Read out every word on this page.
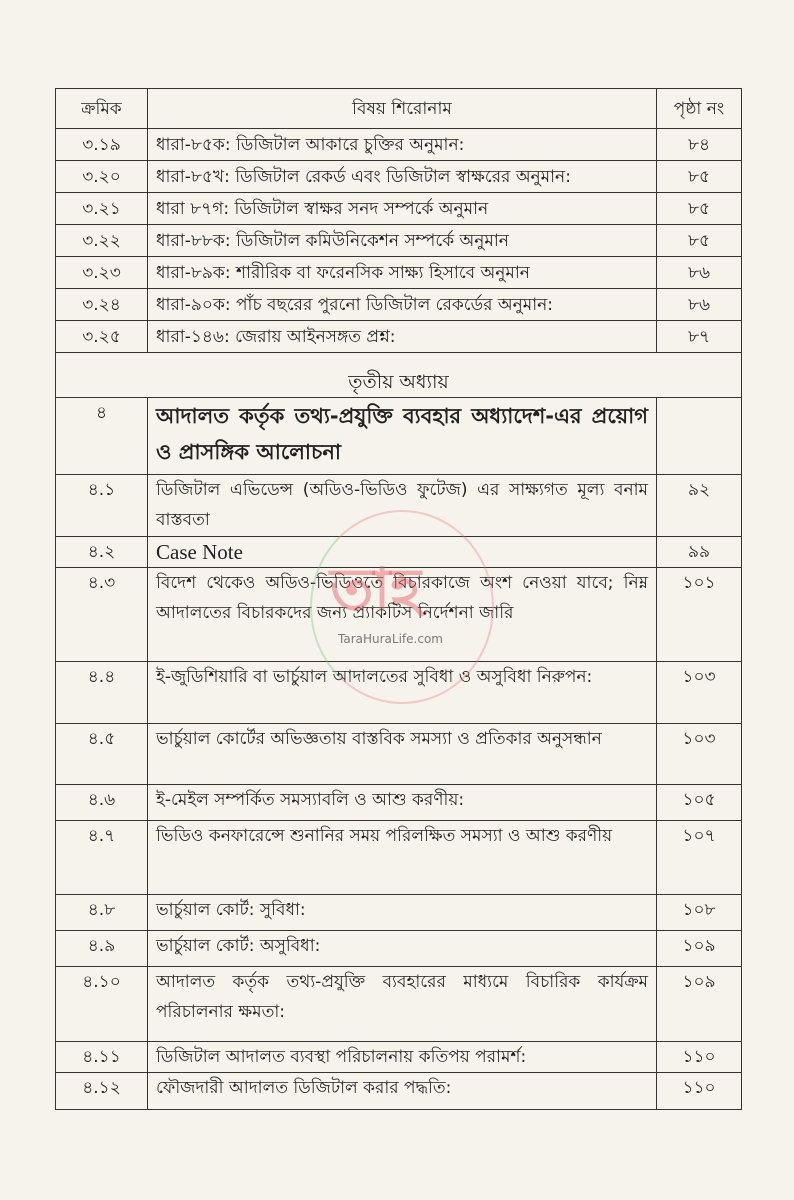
ক্রমিক	বিষয় শিরোনাম	পৃষ্ঠা নং
৩.১৯	ধারা-৮৫ক: ডিজিটাল আকারে চুক্তির অনুমান:	৮৪
৩.২০	ধারা-৮৫খ: ডিজিটাল রেকর্ড এবং ডিজিটাল স্বাক্ষরের অনুমান:	৮৫
৩.২১	ধারা ৮৭গ: ডিজিটাল স্বাক্ষর সনদ সম্পর্কে অনুমান	৮৫
৩.২২	ধারা-৮৮ক: ডিজিটাল কমিউনিকেশন সম্পর্কে অনুমান	৮৫
৩.২৩	ধারা-৮৯ক: শারীরিক বা ফরেনসিক সাক্ষ্য হিসাবে অনুমান	৮৬
৩.২৪	ধারা-৯০ক: পাঁচ বছরের পুরনো ডিজিটাল রেকর্ডের অনুমান:	৮৬
৩.২৫	ধারা-১৪৬: জেরায় আইনসঙ্গত প্রশ্ন:	৮৭
তৃতীয় অধ্যায়		
৪	আদালত কর্তৃক তথ্য-প্রযুক্তি ব্যবহার অধ্যাদেশ-এর প্রয়োগ ও প্রাসঙ্গিক আলোচনা	
৪.১	ডিজিটাল এভিডেন্স (অডিও-ভিডিও ফুটেজ) এর সাক্ষ্যগত মূল্য বনাম বাস্তবতা	৯২
৪.২	Case Note	৯৯
৪.৩	বিদেশ থেকেও অডিও-ভিডিওতে বিচারকাজে অংশ নেওয়া যাবে; নিম্ন আদালতের বিচারকদের জন্য প্র্যাকটিস নির্দেশনা জারি	১০১
৪.৪	ই-জুডিশিয়ারি বা ভার্চুয়াল আদালতের সুবিধা ও অসুবিধা নিরুপন:	১০৩
৪.৫	ভার্চুয়াল কোর্টের অভিজ্ঞতায় বাস্তবিক সমস্যা ও প্রতিকার অনুসন্ধান	১০৩
৪.৬	ই-মেইল সম্পর্কিত সমস্যাবলি ও আশু করণীয়:	১০৫
৪.৭	ভিডিও কনফারেন্সে শুনানির সময় পরিলক্ষিত সমস্যা ও আশু করণীয়	১০৭
৪.৮	ভার্চুয়াল কোর্ট: সুবিধা:	১০৮
৪.৯	ভার্চুয়াল কোর্ট: অসুবিধা:	১০৯
৪.১০	আদালত কর্তৃক তথ্য-প্রযুক্তি ব্যবহারের মাধ্যমে বিচারিক কার্যক্রম পরিচালনার ক্ষমতা:	১০৯
৪.১১	ডিজিটাল আদালত ব্যবস্থা পরিচালনায় কতিপয় পরামর্শ:	১১০
৪.১২	ফৌজদারী আদালত ডিজিটাল করার পদ্ধতি:	১১০
তাহ
TaraHuraLife.com
